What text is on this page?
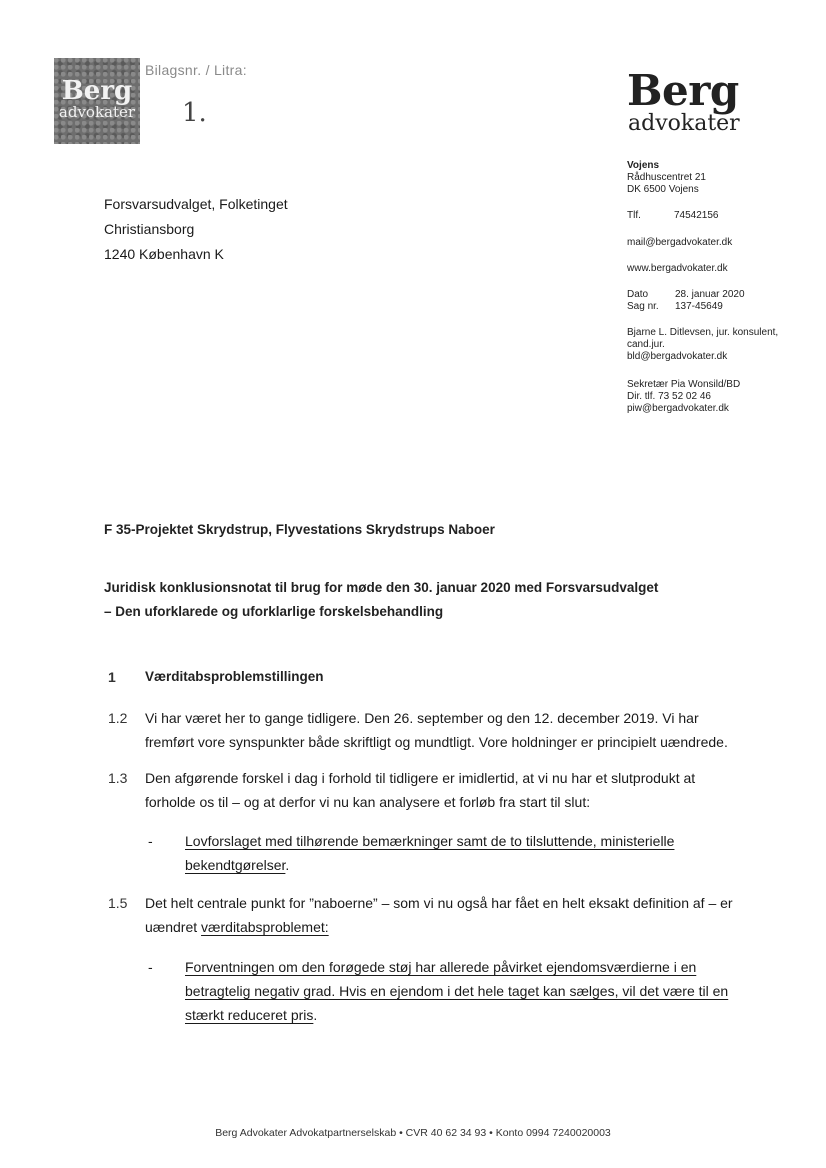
Berg
advokater
Bilagsnr. / Litra:
1.	Berg
advokater
Vojens
Rådhuscentret 21
DK 6500 Vojens
Tlf.	74542156
mail@bergadvokater.dk
www.bergadvokater.dk
Dato	28. januar 2020
Sag nr. 137-45649
Bjarne L. Ditlevsen, jur. konsulent,
cand.jur.
bld@bergadvokater.dk
Sekretær Pia Wonsild/BD
Dir. tlf. 73 52 02 46
piw@bergadvokater.dk
Forsvarsudvalget, Folketinget
Christiansborg
1240 København K
F 35-Projektet Skrydstrup, Flyvestations Skrydstrups Naboer
Juridisk konklusionsnotat til brug for møde den 30. januar 2020 med Forsvarsudvalget
– Den uforklarede og uforklarlige forskelsbehandling
1 Værditabsproblemstillingen
1.2 Vi har været her to gange tidligere. Den 26. september og den 12. december 2019. Vi har
fremført vore synspunkter både skriftligt og mundtligt. Vore holdninger er principielt uændrede.
1.3 Den afgørende forskel i dag i forhold til tidligere er imidlertid, at vi nu har et slutprodukt at
forholde os til – og at derfor vi nu kan analysere et forløb fra start til slut:
- Lovforslaget med tilhørende bemærkninger samt de to tilsluttende, ministerielle
bekendtgørelser.
1.5 Det helt centrale punkt for ”naboerne” – som vi nu også har fået en helt eksakt definition af – er
uændret værditabsproblemet:
- Forventningen om den forøgede støj har allerede påvirket ejendomsværdierne i en
betragtelig negativ grad. Hvis en ejendom i det hele taget kan sælges, vil det være til en
stærkt reduceret pris.
Berg Advokater Advokatpartnerselskab • CVR 40 62 34 93 • Konto 0994 7240020003
